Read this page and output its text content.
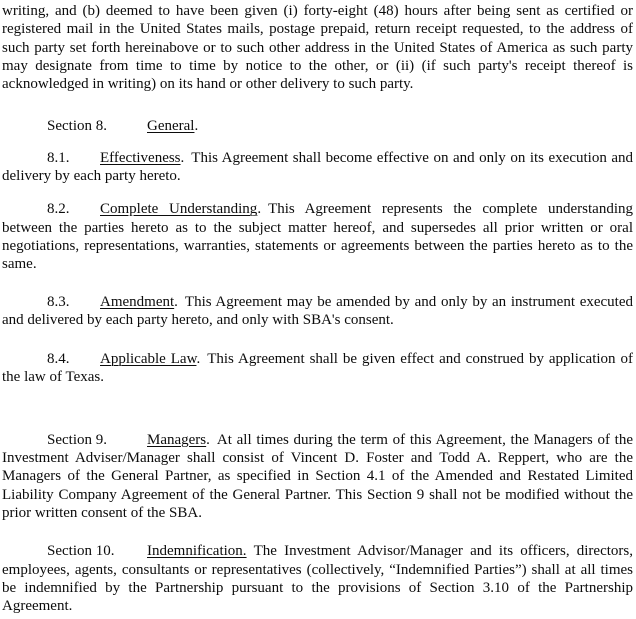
writing, and (b) deemed to have been given (i) forty-eight (48) hours after being sent as certified or registered mail in the United States mails, postage prepaid, return receipt requested, to the address of such party set forth hereinabove or to such other address in the United States of America as such party may designate from time to time by notice to the other, or (ii) (if such party's receipt thereof is acknowledged in writing) on its hand or other delivery to such party.

Section 8.	General.

8.1. Effectiveness. This Agreement shall become effective on and only on its execution and delivery by each party hereto.

8.2. Complete Understanding. This Agreement represents the complete understanding between the parties hereto as to the subject matter hereof, and supersedes all prior written or oral negotiations, representations, warranties, statements or agreements between the parties hereto as to the same.

8.3. Amendment. This Agreement may be amended by and only by an instrument executed and delivered by each party hereto, and only with SBA's consent.

8.4. Applicable Law. This Agreement shall be given effect and construed by application of the law of Texas.

Section 9.	Managers. At all times during the term of this Agreement, the Managers of the Investment Adviser/Manager shall consist of Vincent D. Foster and Todd A. Reppert, who are the Managers of the General Partner, as specified in Section 4.1 of the Amended and Restated Limited Liability Company Agreement of the General Partner. This Section 9 shall not be modified without the prior written consent of the SBA.

Section 10. Indemnification. The Investment Advisor/Manager and its officers, directors, employees, agents, consultants or representatives (collectively, “Indemnified Parties”) shall at all times be indemnified by the Partnership pursuant to the provisions of Section 3.10 of the Partnership Agreement.
